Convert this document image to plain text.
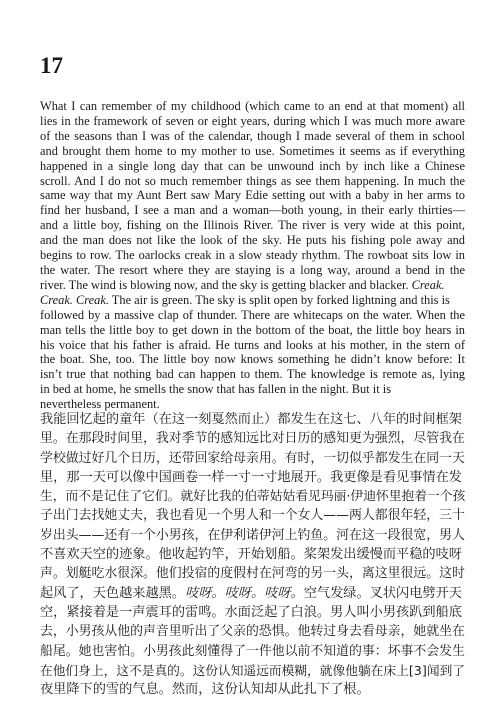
17
What I can remember of my childhood (which came to an end at that moment) all
lies in the framework of seven or eight years, during which I was much more aware
of the seasons than I was of the calendar, though I made several of them in school
and brought them home to my mother to use. Sometimes it seems as if everything
happened in a single long day that can be unwound inch by inch like a Chinese
scroll. And I do not so much remember things as see them happening. In much the
same way that my Aunt Bert saw Mary Edie setting out with a baby in her arms to
find her husband, I see a man and a woman—both young, in their early thirties—
and a little boy, fishing on the Illinois River. The river is very wide at this point,
and the man does not like the look of the sky. He puts his fishing pole away and
begins to row. The oarlocks creak in a slow steady rhythm. The rowboat sits low in
the water. The resort where they are staying is a long way, around a bend in the
river. The wind is blowing now, and the sky is getting blacker and blacker. Creak.
Creak. Creak. The air is green. The sky is split open by forked lightning and this is
followed by a massive clap of thunder. There are whitecaps on the water. When the
man tells the little boy to get down in the bottom of the boat, the little boy hears in
his voice that his father is afraid. He turns and looks at his mother, in the stern of
the boat. She, too. The little boy now knows something he didn’t know before: It
isn’t true that nothing bad can happen to them. The knowledge is remote as, lying
in bed at home, he smells the snow that has fallen in the night. But it is
nevertheless permanent.
我能回忆起的童年（在这一刻戛然而止）都发生在这七、八年的时间框架
里。在那段时间里，我对季节的感知远比对日历的感知更为强烈，尽管我在
学校做过好几个日历，还带回家给母亲用。有时，一切似乎都发生在同一天
里，那一天可以像中国画卷一样一寸一寸地展开。我更像是看见事情在发
生，而不是记住了它们。就好比我的伯蒂姑姑看见玛丽·伊迪怀里抱着一个孩
子出门去找她丈夫，我也看见一个男人和一个女人——两人都很年轻，三十
岁出头——还有一个小男孩，在伊利诺伊河上钓鱼。河在这一段很宽，男人
不喜欢天空的迹象。他收起钓竿，开始划船。桨架发出缓慢而平稳的吱呀
声。划艇吃水很深。他们投宿的度假村在河弯的另一头，离这里很远。这时
起风了，天色越来越黑。吱呀。吱呀。吱呀。空气发绿。叉状闪电劈开天
空，紧接着是一声震耳的雷鸣。水面泛起了白浪。男人叫小男孩趴到船底
去，小男孩从他的声音里听出了父亲的恐惧。他转过身去看母亲，她就坐在
船尾。她也害怕。小男孩此刻懂得了一件他以前不知道的事：坏事不会发生
在他们身上，这不是真的。这份认知遥远而模糊，就像他躺在床上[3]闻到了
夜里降下的雪的气息。然而，这份认知却从此扎下了根。
